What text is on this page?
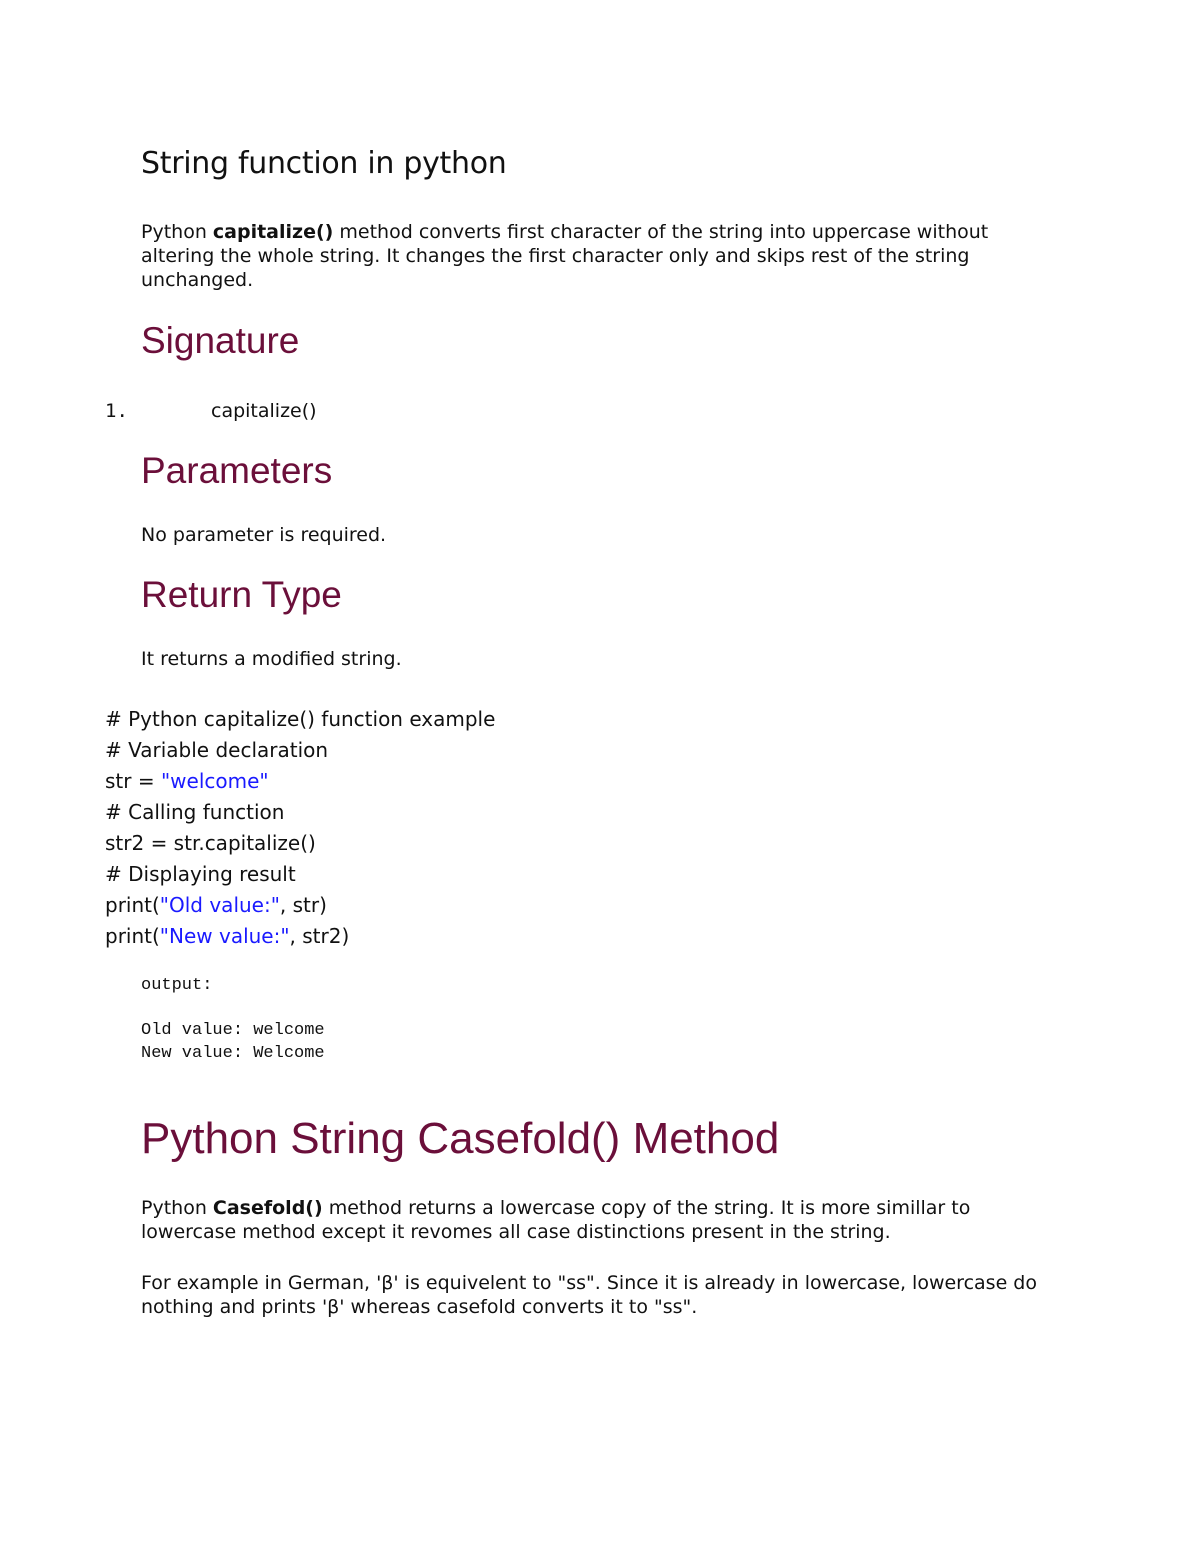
String function in python

Python capitalize() method converts first character of the string into uppercase without altering the whole string. It changes the first character only and skips rest of the string unchanged.

Signature
1.	capitalize()
Parameters

No parameter is required.

Return Type

It returns a modified string.

# Python capitalize() function example
# Variable declaration
str = "welcome"
# Calling function
str2 = str.capitalize()
# Displaying result
print("Old value:", str)
print("New value:", str2)
output:
Old value: welcome
New value: Welcome
Python String Casefold() Method

Python Casefold() method returns a lowercase copy of the string. It is more simillar to lowercase method except it revomes all case distinctions present in the string.

For example in German, 'β' is equivelent to "ss". Since it is already in lowercase, lowercase do nothing and prints 'β' whereas casefold converts it to "ss".
